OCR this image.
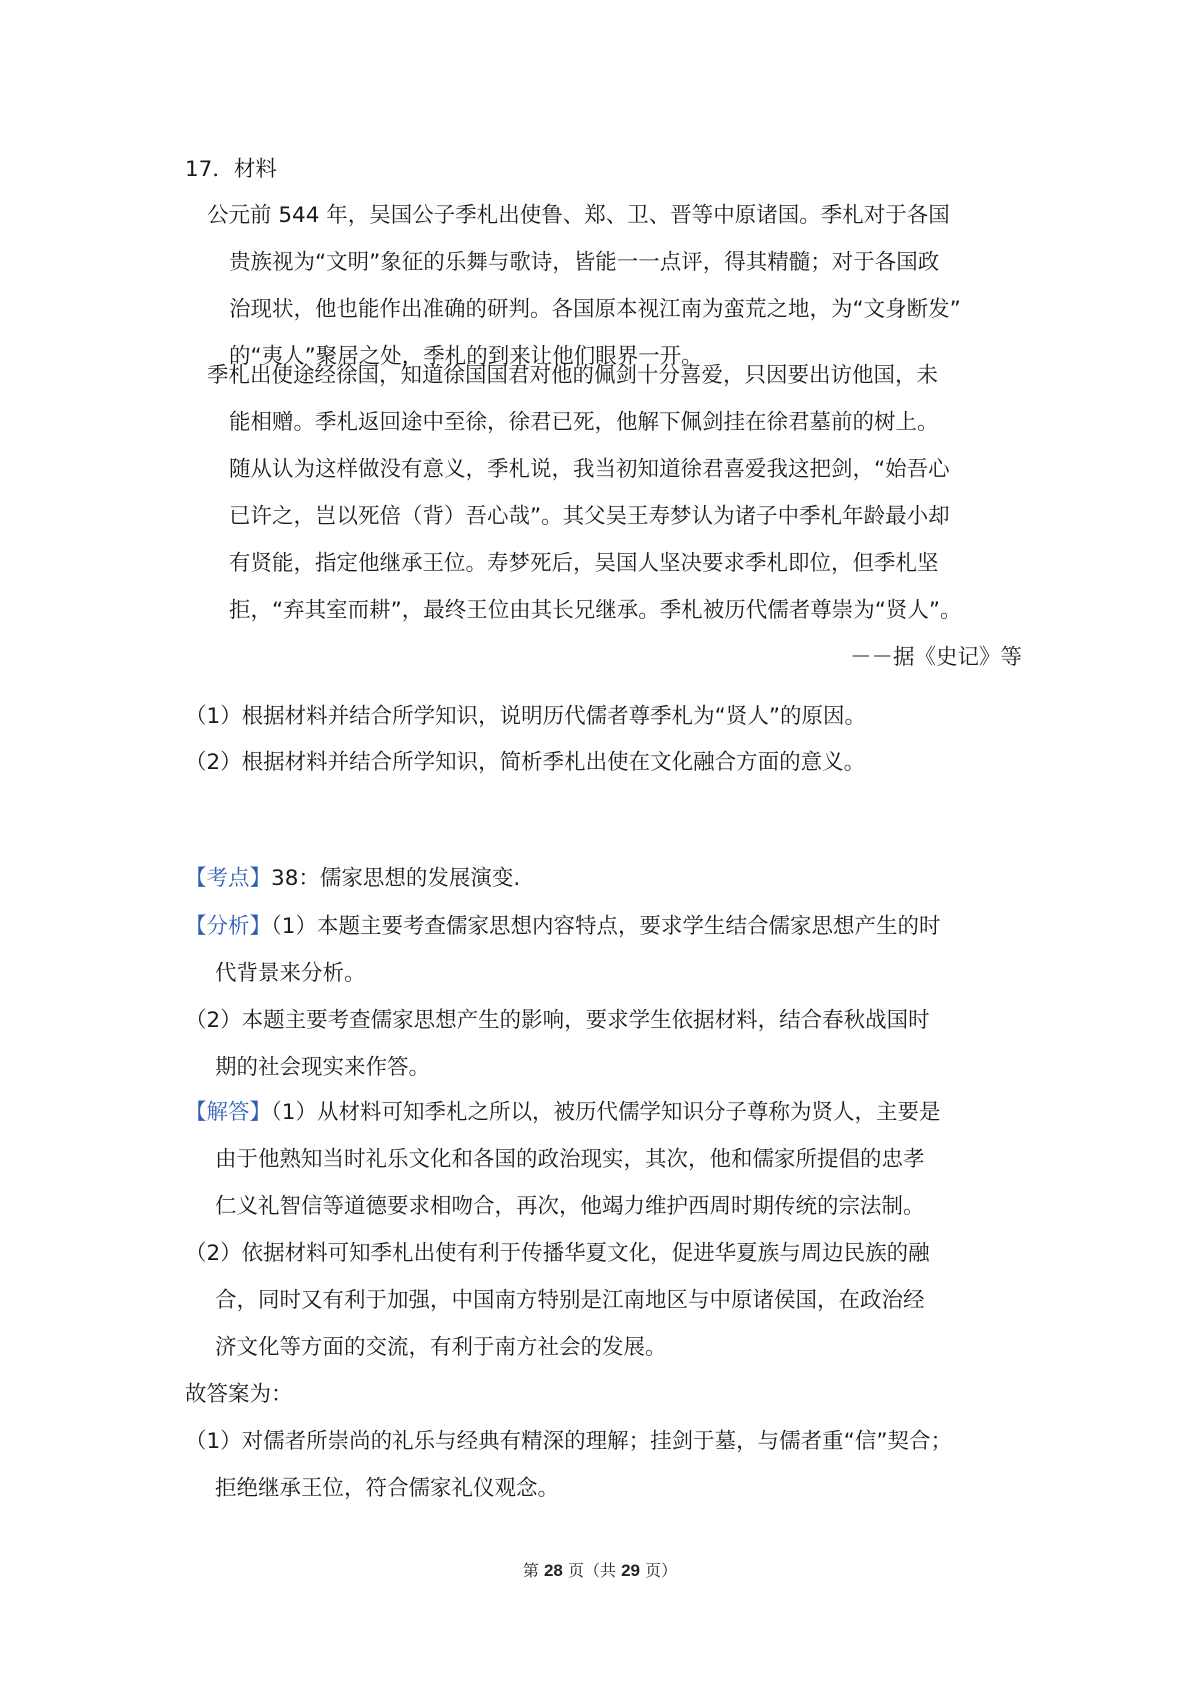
17．材料
公元前 544 年，吴国公子季札出使鲁、郑、卫、晋等中原诸国。季札对于各国
贵族视为“文明”象征的乐舞与歌诗，皆能一一点评，得其精髓；对于各国政
治现状，他也能作出准确的研判。各国原本视江南为蛮荒之地，为“文身断发”
的“夷人”聚居之处，季札的到来让他们眼界一开。
季札出使途经徐国，知道徐国国君对他的佩剑十分喜爱，只因要出访他国，未
能相赠。季札返回途中至徐，徐君已死，他解下佩剑挂在徐君墓前的树上。
随从认为这样做没有意义，季札说，我当初知道徐君喜爱我这把剑，“始吾心
已许之，岂以死倍（背）吾心哉”。其父吴王寿梦认为诸子中季札年龄最小却
有贤能，指定他继承王位。寿梦死后，吴国人坚决要求季札即位，但季札坚
拒，“弃其室而耕”，最终王位由其长兄继承。季札被历代儒者尊崇为“贤人”。
－－据《史记》等
（1）根据材料并结合所学知识，说明历代儒者尊季札为“贤人”的原因。
（2）根据材料并结合所学知识，简析季札出使在文化融合方面的意义。
【考点】38：儒家思想的发展演变.
【分析】（1）本题主要考查儒家思想内容特点，要求学生结合儒家思想产生的时
代背景来分析。
（2）本题主要考查儒家思想产生的影响，要求学生依据材料，结合春秋战国时
期的社会现实来作答。
【解答】（1）从材料可知季札之所以，被历代儒学知识分子尊称为贤人，主要是
由于他熟知当时礼乐文化和各国的政治现实，其次，他和儒家所提倡的忠孝
仁义礼智信等道德要求相吻合，再次，他竭力维护西周时期传统的宗法制。
（2）依据材料可知季札出使有利于传播华夏文化，促进华夏族与周边民族的融
合，同时又有利于加强，中国南方特别是江南地区与中原诸侯国，在政治经
济文化等方面的交流，有利于南方社会的发展。
故答案为：
（1）对儒者所崇尚的礼乐与经典有精深的理解；挂剑于墓，与儒者重“信”契合；
拒绝继承王位，符合儒家礼仪观念。
第 28 页（共 29 页）
